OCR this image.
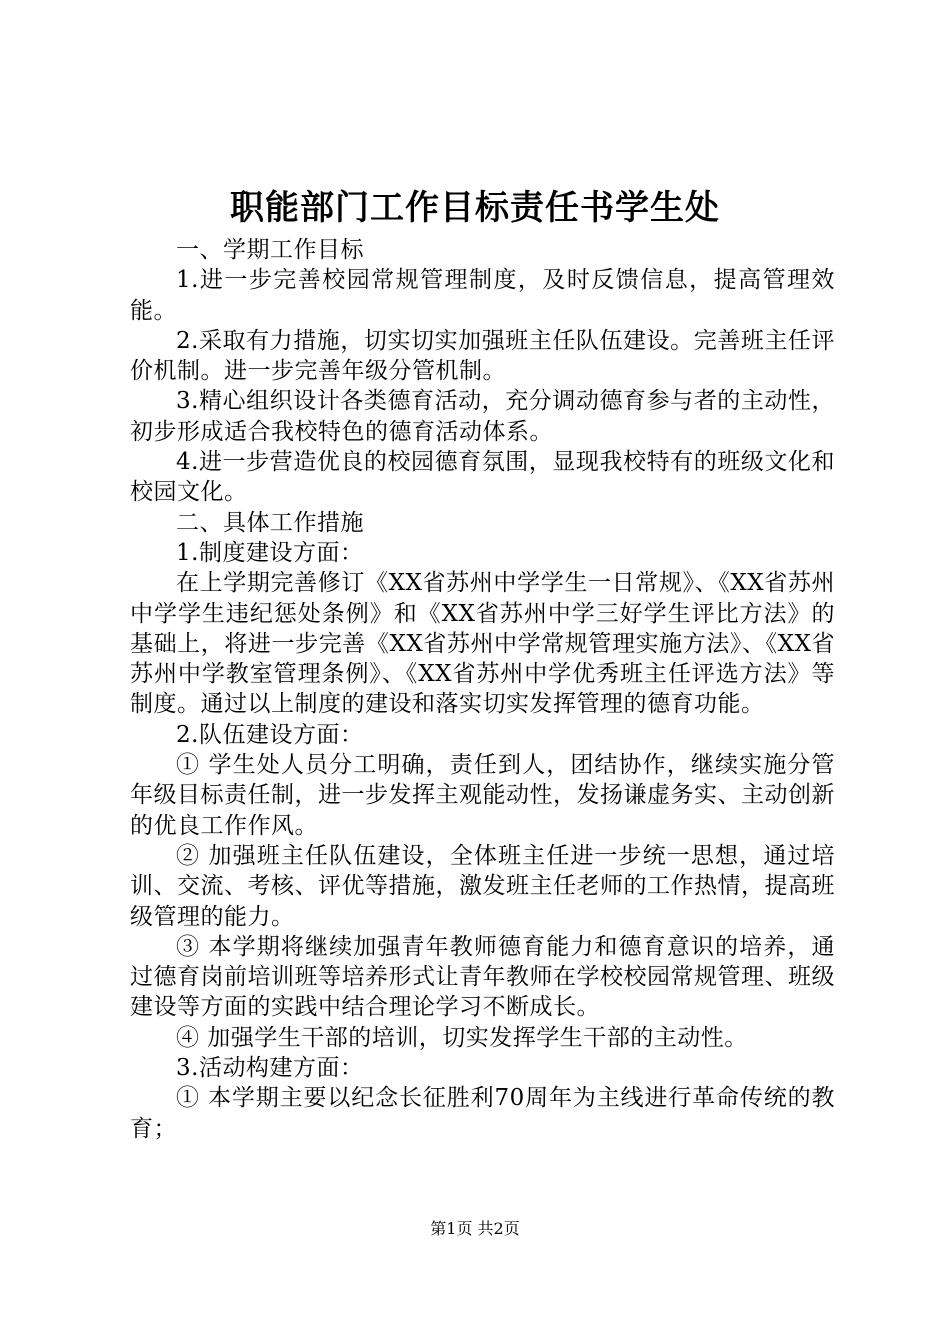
职能部门工作目标责任书学生处

一、学期工作目标

1.进一步完善校园常规管理制度，及时反馈信息，提高管理效能。

2.采取有力措施，切实切实加强班主任队伍建设。完善班主任评价机制。进一步完善年级分管机制。

3.精心组织设计各类德育活动，充分调动德育参与者的主动性，初步形成适合我校特色的德育活动体系。

4.进一步营造优良的校园德育氛围，显现我校特有的班级文化和校园文化。

二、具体工作措施

1.制度建设方面：

在上学期完善修订《XX省苏州中学学生一日常规》、《XX省苏州中学学生违纪惩处条例》和《XX省苏州中学三好学生评比方法》的基础上，将进一步完善《XX省苏州中学常规管理实施方法》、《XX省苏州中学教室管理条例》、《XX省苏州中学优秀班主任评选方法》等制度。通过以上制度的建设和落实切实发挥管理的德育功能。

2.队伍建设方面：

① 学生处人员分工明确，责任到人，团结协作，继续实施分管年级目标责任制，进一步发挥主观能动性，发扬谦虚务实、主动创新的优良工作作风。

② 加强班主任队伍建设，全体班主任进一步统一思想，通过培训、交流、考核、评优等措施，激发班主任老师的工作热情，提高班级管理的能力。

③ 本学期将继续加强青年教师德育能力和德育意识的培养，通过德育岗前培训班等培养形式让青年教师在学校校园常规管理、班级建设等方面的实践中结合理论学习不断成长。

④ 加强学生干部的培训，切实发挥学生干部的主动性。

3.活动构建方面：

① 本学期主要以纪念长征胜利70周年为主线进行革命传统的教育；

第1页 共2页
